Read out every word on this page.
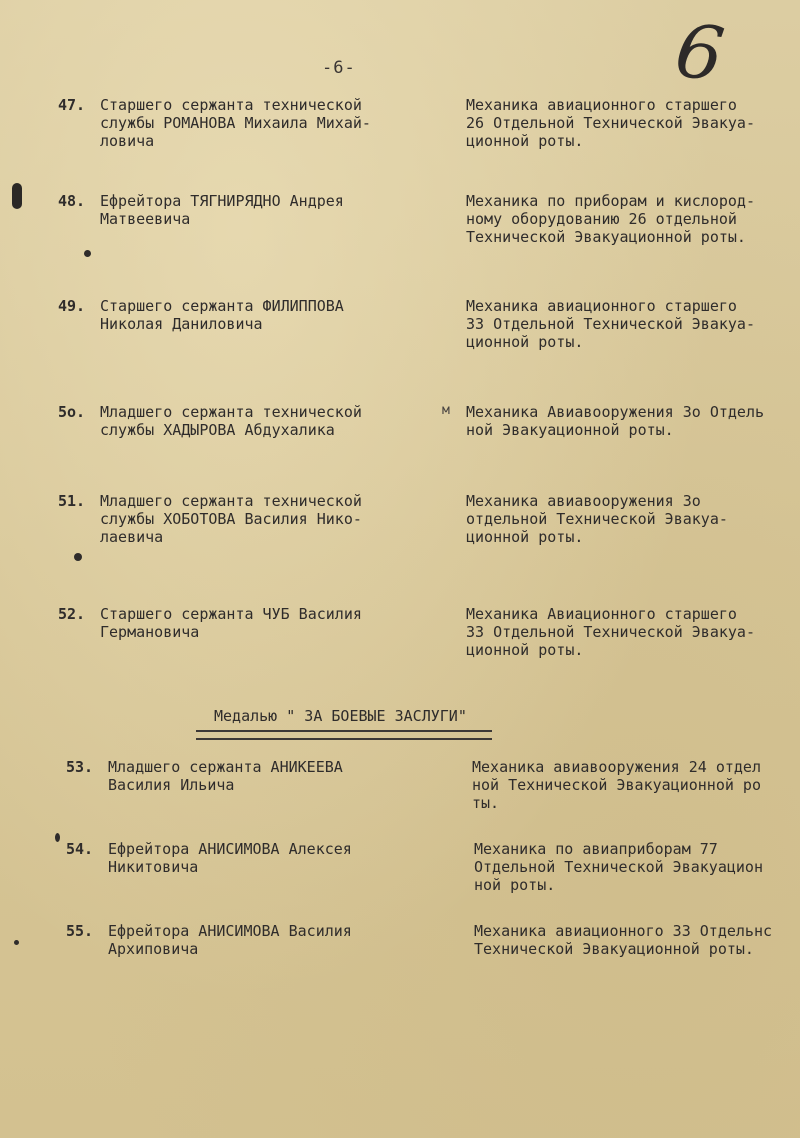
-6-	6
47. Старшего сержанта технической
службы РОМАНОВА Михаила Михай-
ловича
Механика авиационного старшего
26 Отдельной Технической Эвакуа-
ционной роты.
48. Ефрейтора ТЯГНИРЯДНО Андрея
Матвеевича
Механика по приборам и кислород-
ному оборудованию 26 отдельной
Технической Эвакуационной роты.
49. Старшего сержанта ФИЛИППОВА
Николая Даниловича
Механика авиационного старшего
33 Отдельной Технической Эвакуа-
ционной роты.
5o. Младшего сержанта технической
службы ХАДЫРОВА Абдухалика
м Механика Авиавооружения 3о Отдель
ной Эвакуационной роты.
51. Младшего сержанта технической
службы ХОБОТОВА Василия Нико-
лаевича
Механика авиавооружения 3о
отдельной Технической Эвакуа-
ционной роты.
52. Старшего сержанта ЧУБ Василия
Германовича
Механика Авиационного старшего
33 Отдельной Технической Эвакуа-
ционной роты.
Медалью " ЗА БОЕВЫЕ ЗАСЛУГИ"
53. Младшего сержанта АНИКЕЕВА
Василия Ильича
Механика авиавооружения 24 отдел
ной Технической Эвакуационной ро
ты.
54. Ефрейтора АНИСИМОВА Алексея
Никитовича
Механика по авиаприборам 77
Отдельной Технической Эвакуацион
ной роты.
55. Ефрейтора АНИСИМОВА Василия
Архиповича
Механика авиационного 33 Отдельнс
Технической Эвакуационной роты.
